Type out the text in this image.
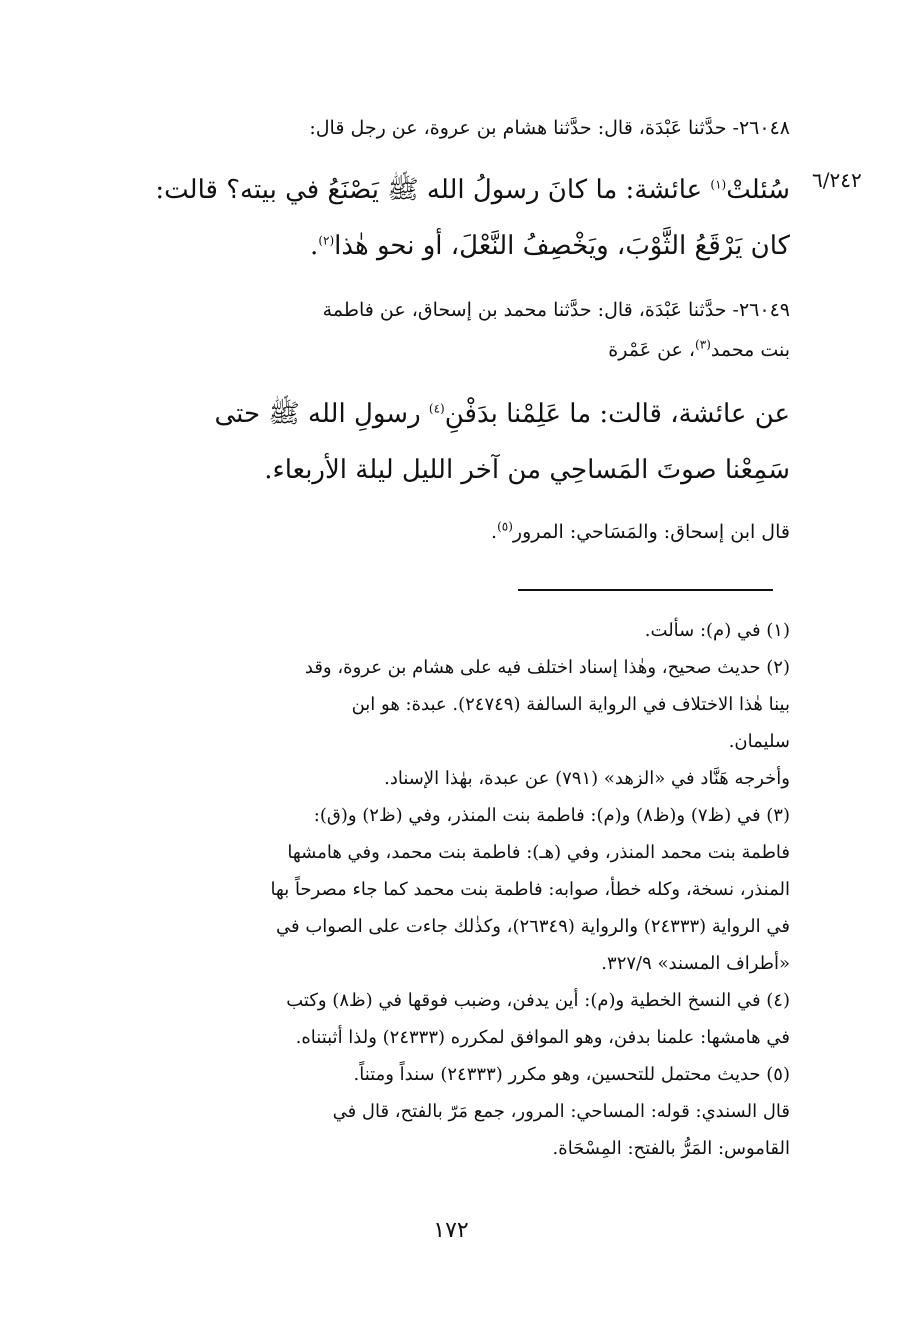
٦/٢٤٢
٢٦٠٤٨- حدَّثنا عَبْدَة، قال: حدَّثنا هشام بن عروة، عن رجل قال:
سُئلتْ$^{(١)}$ عائشة: ما كانَ رسولُ الله ﷺ يَصْنَعُ في بيته؟ قالت:
كان يَرْقَعُ الثَّوْبَ، ويَخْصِفُ النَّعْلَ، أو نحو هٰذا$^{(٢)}$.
٢٦٠٤٩- حدَّثنا عَبْدَة، قال: حدَّثنا محمد بن إسحاق، عن فاطمة
بنت محمد$^{(٣)}$، عن عَمْرة
عن عائشة، قالت: ما عَلِمْنا بدَفْنِ$^{(٤)}$ رسولِ الله ﷺ حتى
سَمِعْنا صوتَ المَساحِي من آخر الليل ليلة الأربعاء.
قال ابن إسحاق: والمَسَاحي: المرور$^{(٥)}$.
(١) في (م): سألت.
(٢) حديث صحيح، وهٰذا إسناد اختلف فيه على هشام بن عروة، وقد
بينا هٰذا الاختلاف في الرواية السالفة (٢٤٧٤٩). عبدة: هو ابن
سليمان.
وأخرجه هَنَّاد في «الزهد» (٧٩١) عن عبدة، بهٰذا الإسناد.
(٣) في (ظ٧) و(ظ٨) و(م): فاطمة بنت المنذر، وفي (ظ٢) و(ق):
فاطمة بنت محمد المنذر، وفي (هـ): فاطمة بنت محمد، وفي هامشها
المنذر، نسخة، وكله خطأ، صوابه: فاطمة بنت محمد كما جاء مصرحاً بها
في الرواية (٢٤٣٣٣) والرواية (٢٦٣٤٩)، وكذٰلك جاءت على الصواب في
«أطراف المسند» ٣٢٧/٩.
(٤) في النسخ الخطية و(م): أين يدفن، وضبب فوقها في (ظ٨) وكتب
في هامشها: علمنا بدفن، وهو الموافق لمكرره (٢٤٣٣٣) ولذا أثبتناه.
(٥) حديث محتمل للتحسين، وهو مكرر (٢٤٣٣٣) سنداً ومتناً.
قال السندي: قوله: المساحي: المرور، جمع مَرّ بالفتح، قال في
القاموس: المَرُّ بالفتح: المِسْحَاة.
١٧٢
